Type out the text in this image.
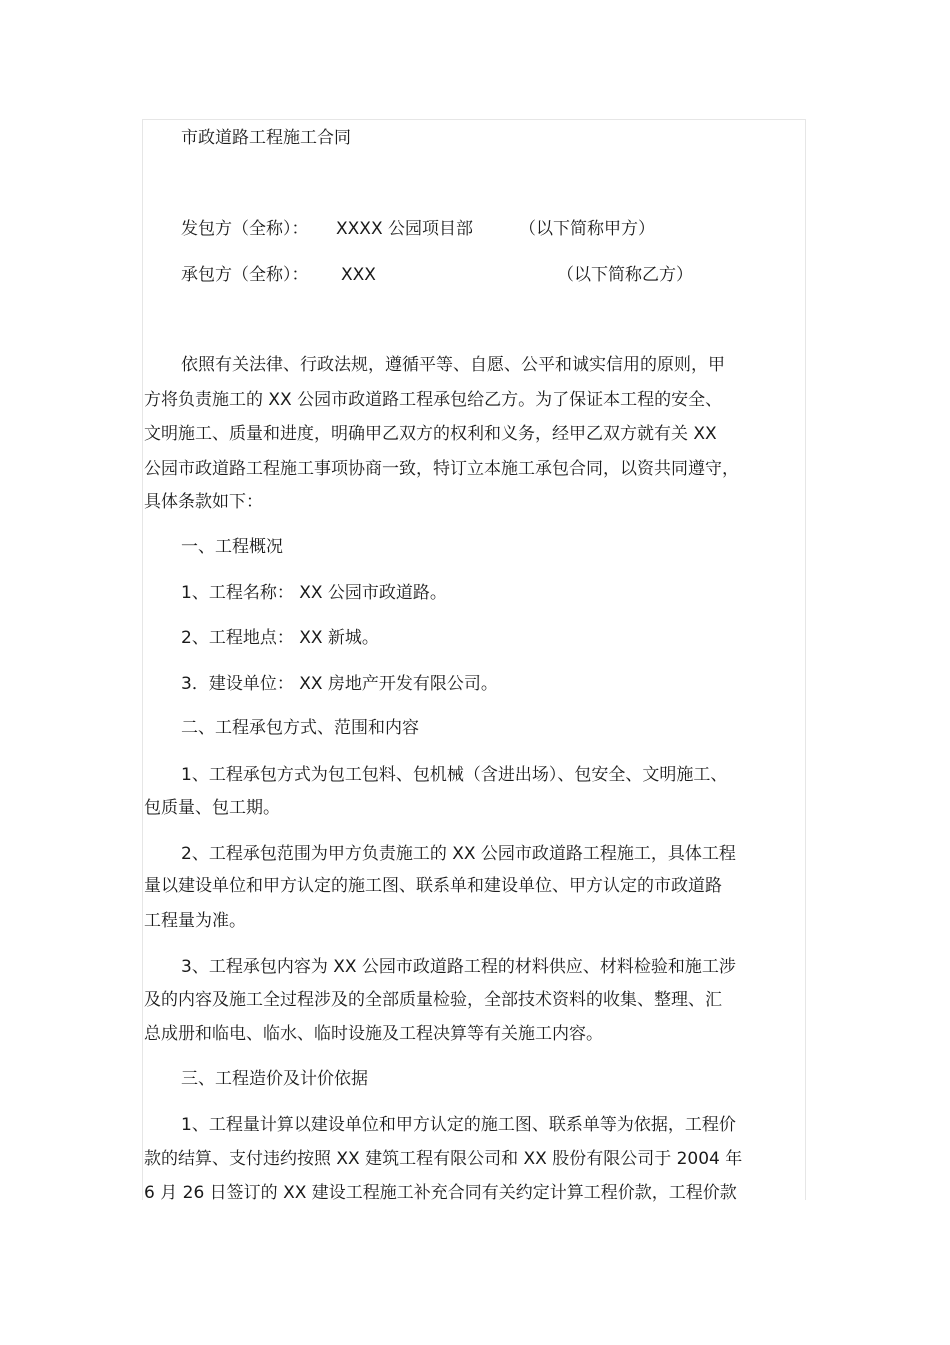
市政道路工程施工合同
发包方（全称）： XXXX 公园项目部	（以下简称甲方）
承包方（全称）： XXX	（以下简称乙方）
依照有关法律、行政法规，遵循平等、自愿、公平和诚实信用的原则，甲
方将负责施工的 XX 公园市政道路工程承包给乙方。为了保证本工程的安全、
文明施工、质量和进度，明确甲乙双方的权利和义务，经甲乙双方就有关 XX
公园市政道路工程施工事项协商一致，特订立本施工承包合同，以资共同遵守，
具体条款如下：
一、工程概况
1、工程名称： XX 公园市政道路。
2、工程地点： XX 新城。
3．建设单位： XX 房地产开发有限公司。
二、工程承包方式、范围和内容
1、工程承包方式为包工包料、包机械（含进出场）、包安全、文明施工、
包质量、包工期。
2、工程承包范围为甲方负责施工的 XX 公园市政道路工程施工，具体工程
量以建设单位和甲方认定的施工图、联系单和建设单位、甲方认定的市政道路
工程量为准。
3、工程承包内容为 XX 公园市政道路工程的材料供应、材料检验和施工涉
及的内容及施工全过程涉及的全部质量检验，全部技术资料的收集、整理、汇
总成册和临电、临水、临时设施及工程决算等有关施工内容。
三、工程造价及计价依据
1、工程量计算以建设单位和甲方认定的施工图、联系单等为依据，工程价
款的结算、支付违约按照 XX 建筑工程有限公司和 XX 股份有限公司于 2004 年
6 月 26 日签订的 XX 建设工程施工补充合同有关约定计算工程价款，工程价款
